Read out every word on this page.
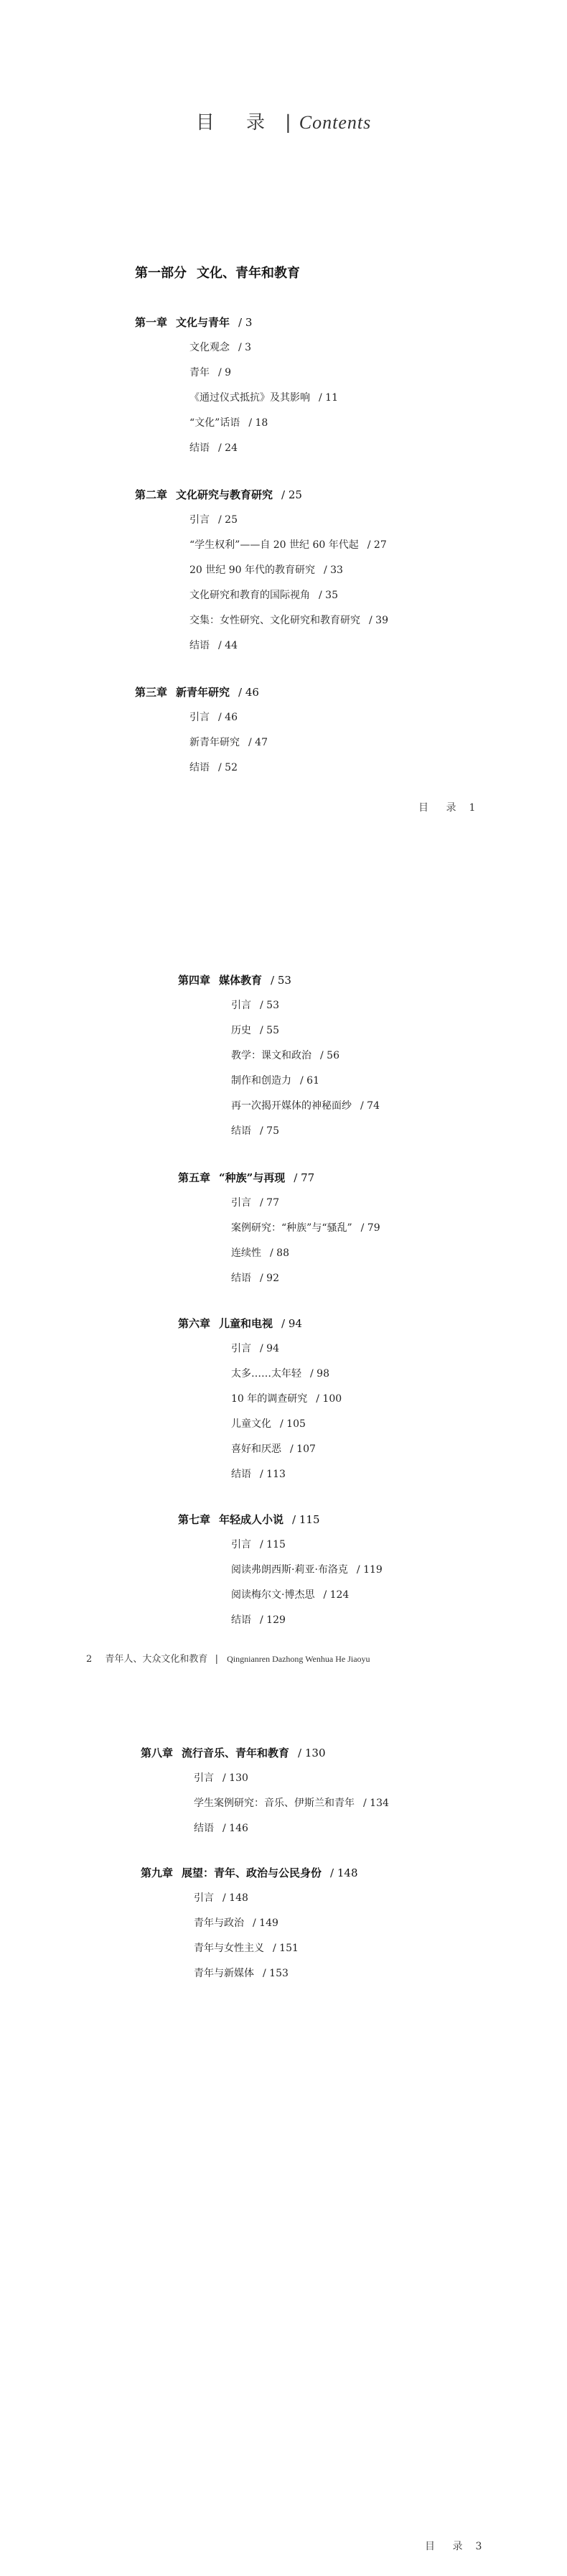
目 录 | Contents
第一部分 文化、青年和教育
第一章 文化与青年 / 3
文化观念 / 3
青年 / 9
《通过仪式抵抗》及其影响 / 11
“文化”话语 / 18
结语 / 24
第二章 文化研究与教育研究 / 25
引言 / 25
“学生权利”——自 20 世纪 60 年代起 / 27
20 世纪 90 年代的教育研究 / 33
文化研究和教育的国际视角 / 35
交集：女性研究、文化研究和教育研究 / 39
结语 / 44
第三章 新青年研究 / 46
引言 / 46
新青年研究 / 47
结语 / 52
目 录 1
第四章 媒体教育 / 53
引言 / 53
历史 / 55
教学：课文和政治 / 56
制作和创造力 / 61
再一次揭开媒体的神秘面纱 / 74
结语 / 75
第五章 “种族”与再现 / 77
引言 / 77
案例研究：“种族”与“骚乱” / 79
连续性 / 88
结语 / 92
第六章 儿童和电视 / 94
引言 / 94
太多……太年轻 / 98
10 年的调查研究 / 100
儿童文化 / 105
喜好和厌恶 / 107
结语 / 113
第七章 年轻成人小说 / 115
引言 / 115
阅读弗朗西斯·莉亚·布洛克 / 119
阅读梅尔文·博杰思 / 124
结语 / 129
2 青年人、大众文化和教育 | Qingnianren Dazhong Wenhua He Jiaoyu
第八章 流行音乐、青年和教育 / 130
引言 / 130
学生案例研究：音乐、伊斯兰和青年 / 134
结语 / 146
第九章 展望：青年、政治与公民身份 / 148
引言 / 148
青年与政治 / 149
青年与女性主义 / 151
青年与新媒体 / 153
目 录 3
